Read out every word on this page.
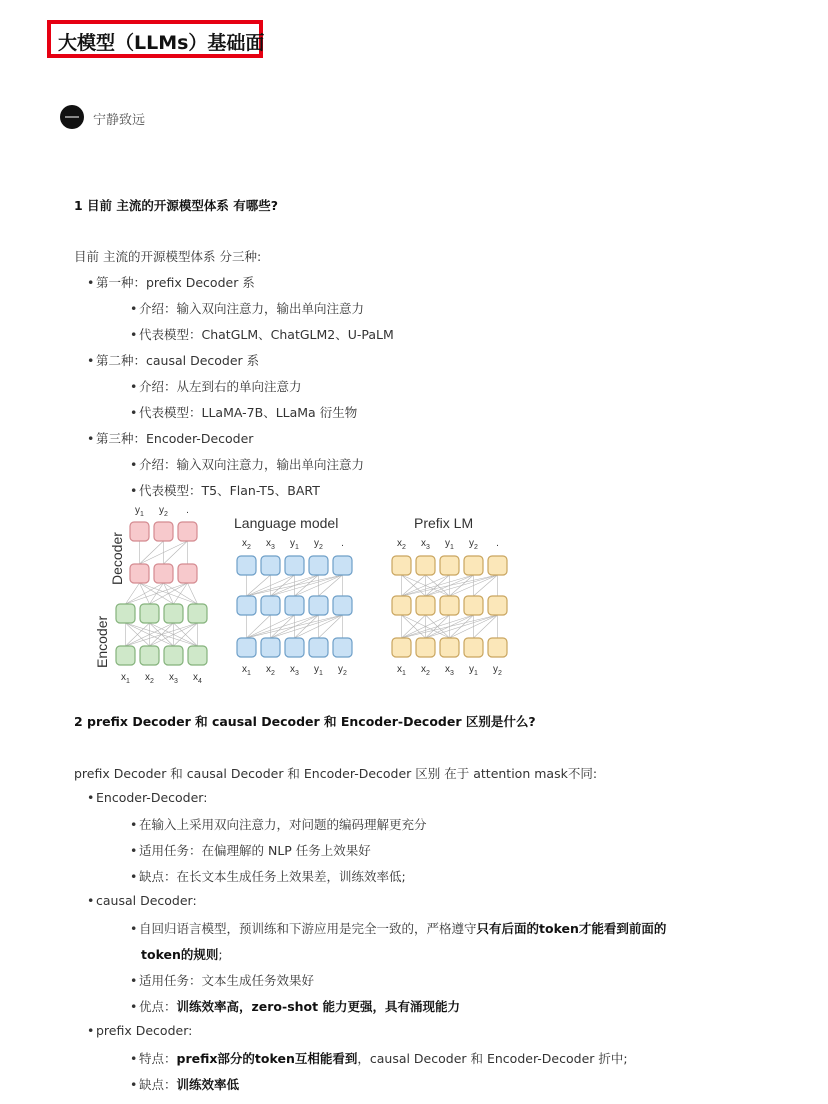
大模型（LLMs）基础面
宁静致远
1 目前 主流的开源模型体系 有哪些?
目前 主流的开源模型体系 分三种:
• 第一种：prefix Decoder 系
• 介绍：输入双向注意力，输出单向注意力
• 代表模型：ChatGLM、ChatGLM2、U-PaLM
• 第二种：causal Decoder 系
• 介绍：从左到右的单向注意力
• 代表模型：LLaMA-7B、LLaMa 衍生物
• 第三种：Encoder-Decoder
• 介绍：输入双向注意力，输出单向注意力
• 代表模型：T5、Flan-T5、BART
Decoder
Encoder
Language model	Prefix LM
$y_1$ $y_2$ .
$x_1$ $x_2$ $x_3$ $x_4$
$x_2$ $x_3$ $y_1$ $y_2$ .
$x_1$ $x_2$ $x_3$ $y_1$ $y_2$
$x_2$ $x_3$ $y_1$ $y_2$ .
$x_1$ $x_2$ $x_3$ $y_1$ $y_2$
2 prefix Decoder 和 causal Decoder 和 Encoder-Decoder 区别是什么?
prefix Decoder 和 causal Decoder 和 Encoder-Decoder 区别 在于 attention mask不同:
• Encoder-Decoder:
• 在输入上采用双向注意力，对问题的编码理解更充分
• 适用任务：在偏理解的 NLP 任务上效果好
• 缺点：在长文本生成任务上效果差，训练效率低;
• causal Decoder:
• 自回归语言模型，预训练和下游应用是完全一致的，严格遵守只有后面的token才能看到前面的
token的规则;
• 适用任务：文本生成任务效果好
• 优点：训练效率高，zero-shot 能力更强，具有涌现能力
• prefix Decoder:
• 特点：prefix部分的token互相能看到，causal Decoder 和 Encoder-Decoder 折中;
• 缺点：训练效率低
